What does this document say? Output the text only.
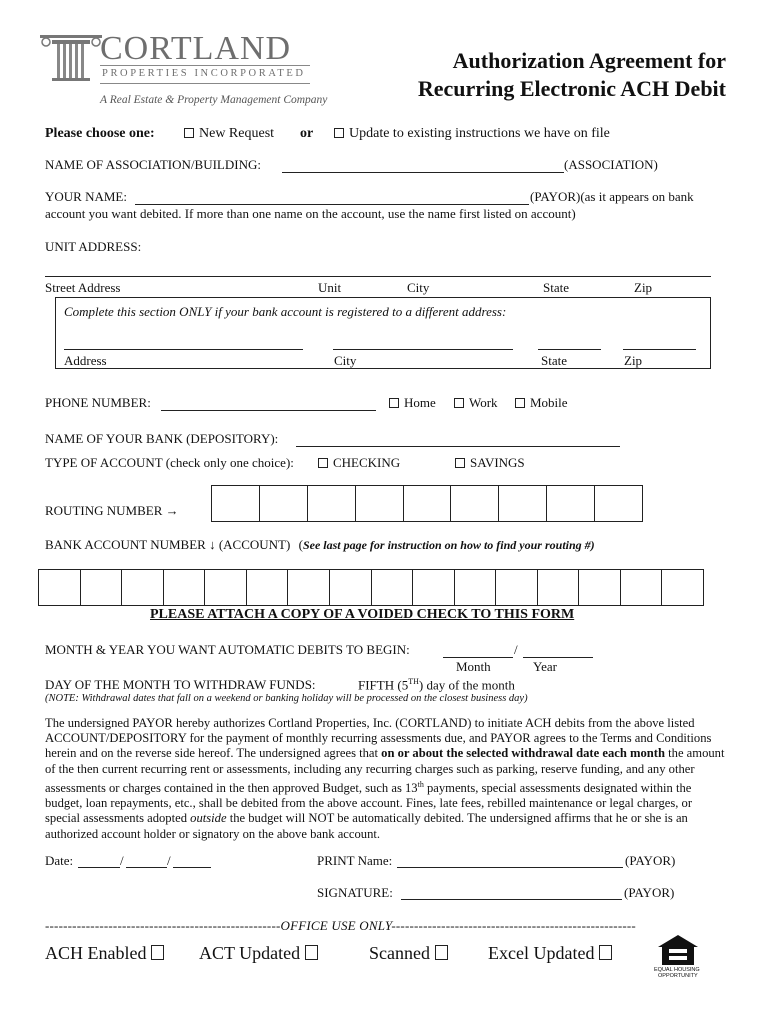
CORTLAND
PROPERTIES INCORPORATED
A Real Estate & Property Management Company
Authorization Agreement for
Recurring Electronic ACH Debit
Please choose one:	New Request or	Update to existing instructions we have on file
NAME OF ASSOCIATION/BUILDING:	(ASSOCIATION)
YOUR NAME:	(PAYOR)(as it appears on bank
account you want debited. If more than one name on the account, use the name first listed on account)
UNIT ADDRESS:
Street Address	Unit	City	State	Zip
Complete this section ONLY if your bank account is registered to a different address:
Address	City	State	Zip
PHONE NUMBER:	Home	Work	Mobile
NAME OF YOUR BANK (DEPOSITORY):
TYPE OF ACCOUNT (check only one choice):	CHECKING	SAVINGS
ROUTING NUMBER →
BANK ACCOUNT NUMBER ↓ (ACCOUNT) (See last page for instruction on how to find your routing #)
PLEASE ATTACH A COPY OF A VOIDED CHECK TO THIS FORM
MONTH & YEAR YOU WANT AUTOMATIC DEBITS TO BEGIN:	/
Month	Year
DAY OF THE MONTH TO WITHDRAW FUNDS:	FIFTH (5TH) day of the month
(NOTE: Withdrawal dates that fall on a weekend or banking holiday will be processed on the closest business day)
The undersigned PAYOR hereby authorizes Cortland Properties, Inc. (CORTLAND) to initiate ACH debits from the above listed ACCOUNT/DEPOSITORY for the payment of monthly recurring assessments due, and PAYOR agrees to the Terms and Conditions herein and on the reverse side hereof. The undersigned agrees that on or about the selected withdrawal date each month the amount of the then current recurring rent or assessments, including any recurring charges such as parking, reserve funding, and any other assessments or charges contained in the then approved Budget, such as 13th payments, special assessments designated within the budget, loan repayments, etc., shall be debited from the above account. Fines, late fees, rebilled maintenance or legal charges, or special assessments adopted outside the budget will NOT be automatically debited. The undersigned affirms that he or she is an authorized account holder or signatory on the above bank account.
Date:	/	/	PRINT Name:	(PAYOR)
SIGNATURE:	(PAYOR)
----------------------------------------------------OFFICE USE ONLY------------------------------------------------------
ACH Enabled	ACT Updated	Scanned	Excel Updated
EQUAL HOUSING
OPPORTUNITY
